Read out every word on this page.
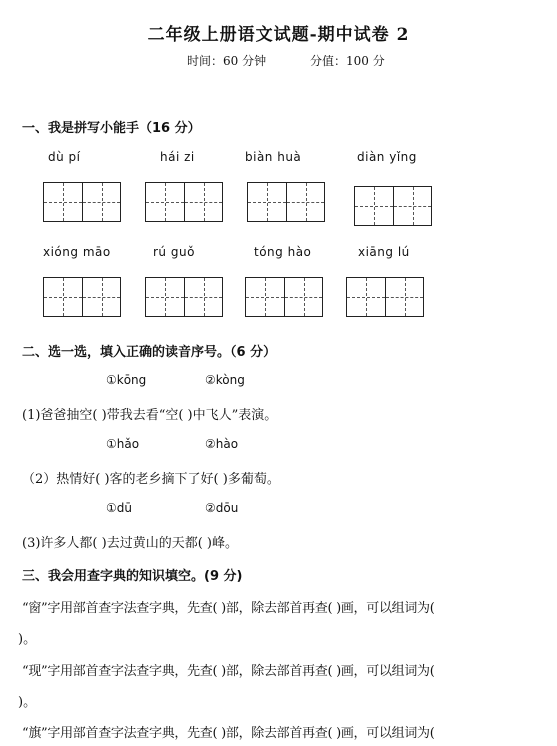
二年级上册语文试题-期中试卷 2
时间：60 分钟	分值：100 分
一、我是拼写小能手（16 分）
dù pí	hái zi	biàn huà	diàn yǐng
xióng māo	rú guǒ	tóng hào	xiāng lú
二、选一选，填入正确的读音序号。（6 分）
①kōng	②kòng
(1)爸爸抽空( )带我去看“空( )中飞人”表演。
①hǎo	②hào
（2）热情好( )客的老乡摘下了好( )多葡萄。
①dū	②dōu
(3)许多人都( )去过黄山的天都( )峰。
三、我会用查字典的知识填空。(9 分)
“窗”字用部首查字法查字典，先查( )部，除去部首再查( )画，可以组词为(
)。
“现”字用部首查字法查字典，先查( )部，除去部首再查( )画，可以组词为(
)。
“旗”字用部首查字法查字典，先查( )部，除去部首再查( )画，可以组词为(
